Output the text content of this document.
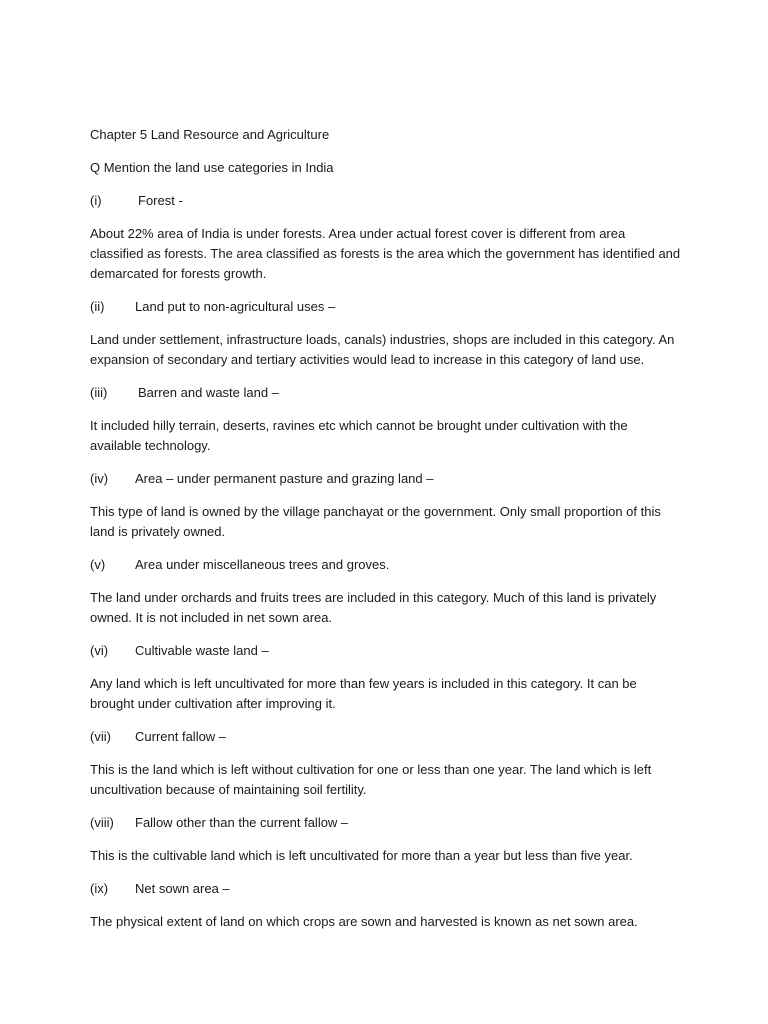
Chapter 5 Land Resource and Agriculture

Q Mention the land use categories in India

(i)	Forest -

About 22% area of India is under forests. Area under actual forest cover is different from area classified as forests. The area classified as forests is the area which the government has identified and demarcated for forests growth.

(ii)	Land put to non-agricultural uses –

Land under settlement, infrastructure loads, canals) industries, shops are included in this category. An expansion of secondary and tertiary activities would lead to increase in this category of land use.

(iii)	Barren and waste land –

It included hilly terrain, deserts, ravines etc which cannot be brought under cultivation with the available technology.

(iv)	Area – under permanent pasture and grazing land –

This type of land is owned by the village panchayat or the government. Only small proportion of this land is privately owned.

(v)	Area under miscellaneous trees and groves.

The land under orchards and fruits trees are included in this category. Much of this land is privately owned. It is not included in net sown area.

(vi)	Cultivable waste land –

Any land which is left uncultivated for more than few years is included in this category. It can be brought under cultivation after improving it.

(vii)	Current fallow –

This is the land which is left without cultivation for one or less than one year. The land which is left uncultivation because of maintaining soil fertility.

(viii)	Fallow other than the current fallow –

This is the cultivable land which is left uncultivated for more than a year but less than five year.

(ix)	Net sown area –

The physical extent of land on which crops are sown and harvested is known as net sown area.
